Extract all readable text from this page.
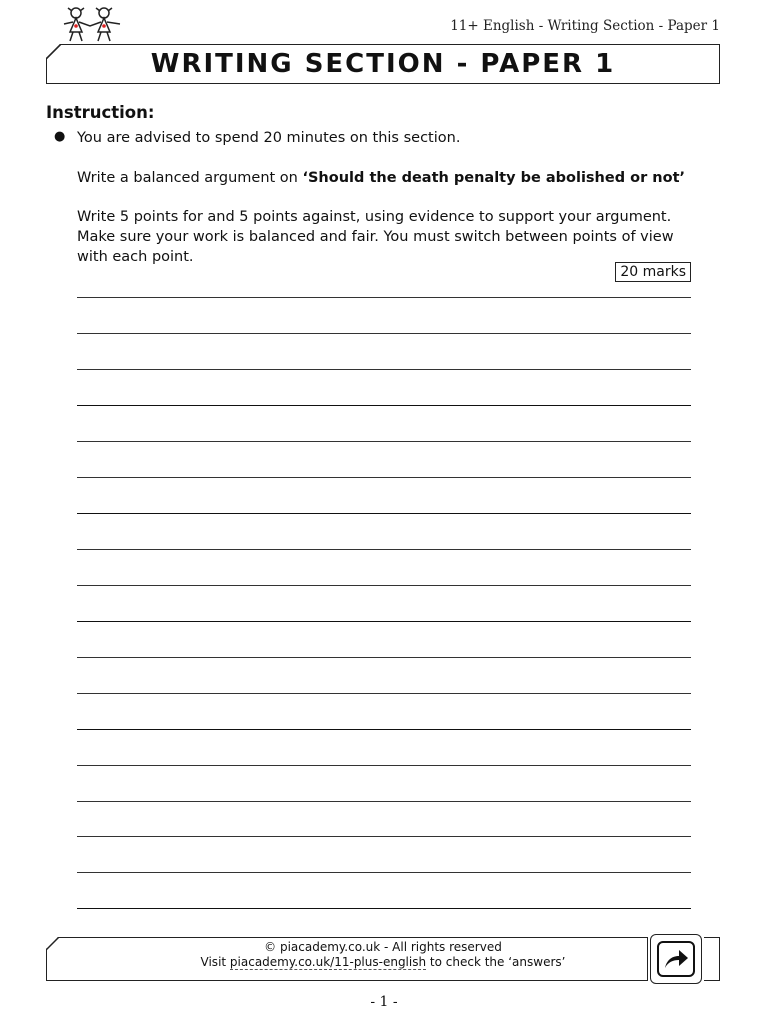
11+ English - Writing Section - Paper 1
WRITING SECTION - PAPER 1
Instruction:
● You are advised to spend 20 minutes on this section.
Write a balanced argument on ‘Should the death penalty be abolished or not’
Write 5 points for and 5 points against, using evidence to support your argument. Make sure your work is balanced and fair. You must switch between points of view with each point.
20 marks
© piacademy.co.uk - All rights reserved
Visit piacademy.co.uk/11-plus-english to check the ‘answers’
- 1 -
